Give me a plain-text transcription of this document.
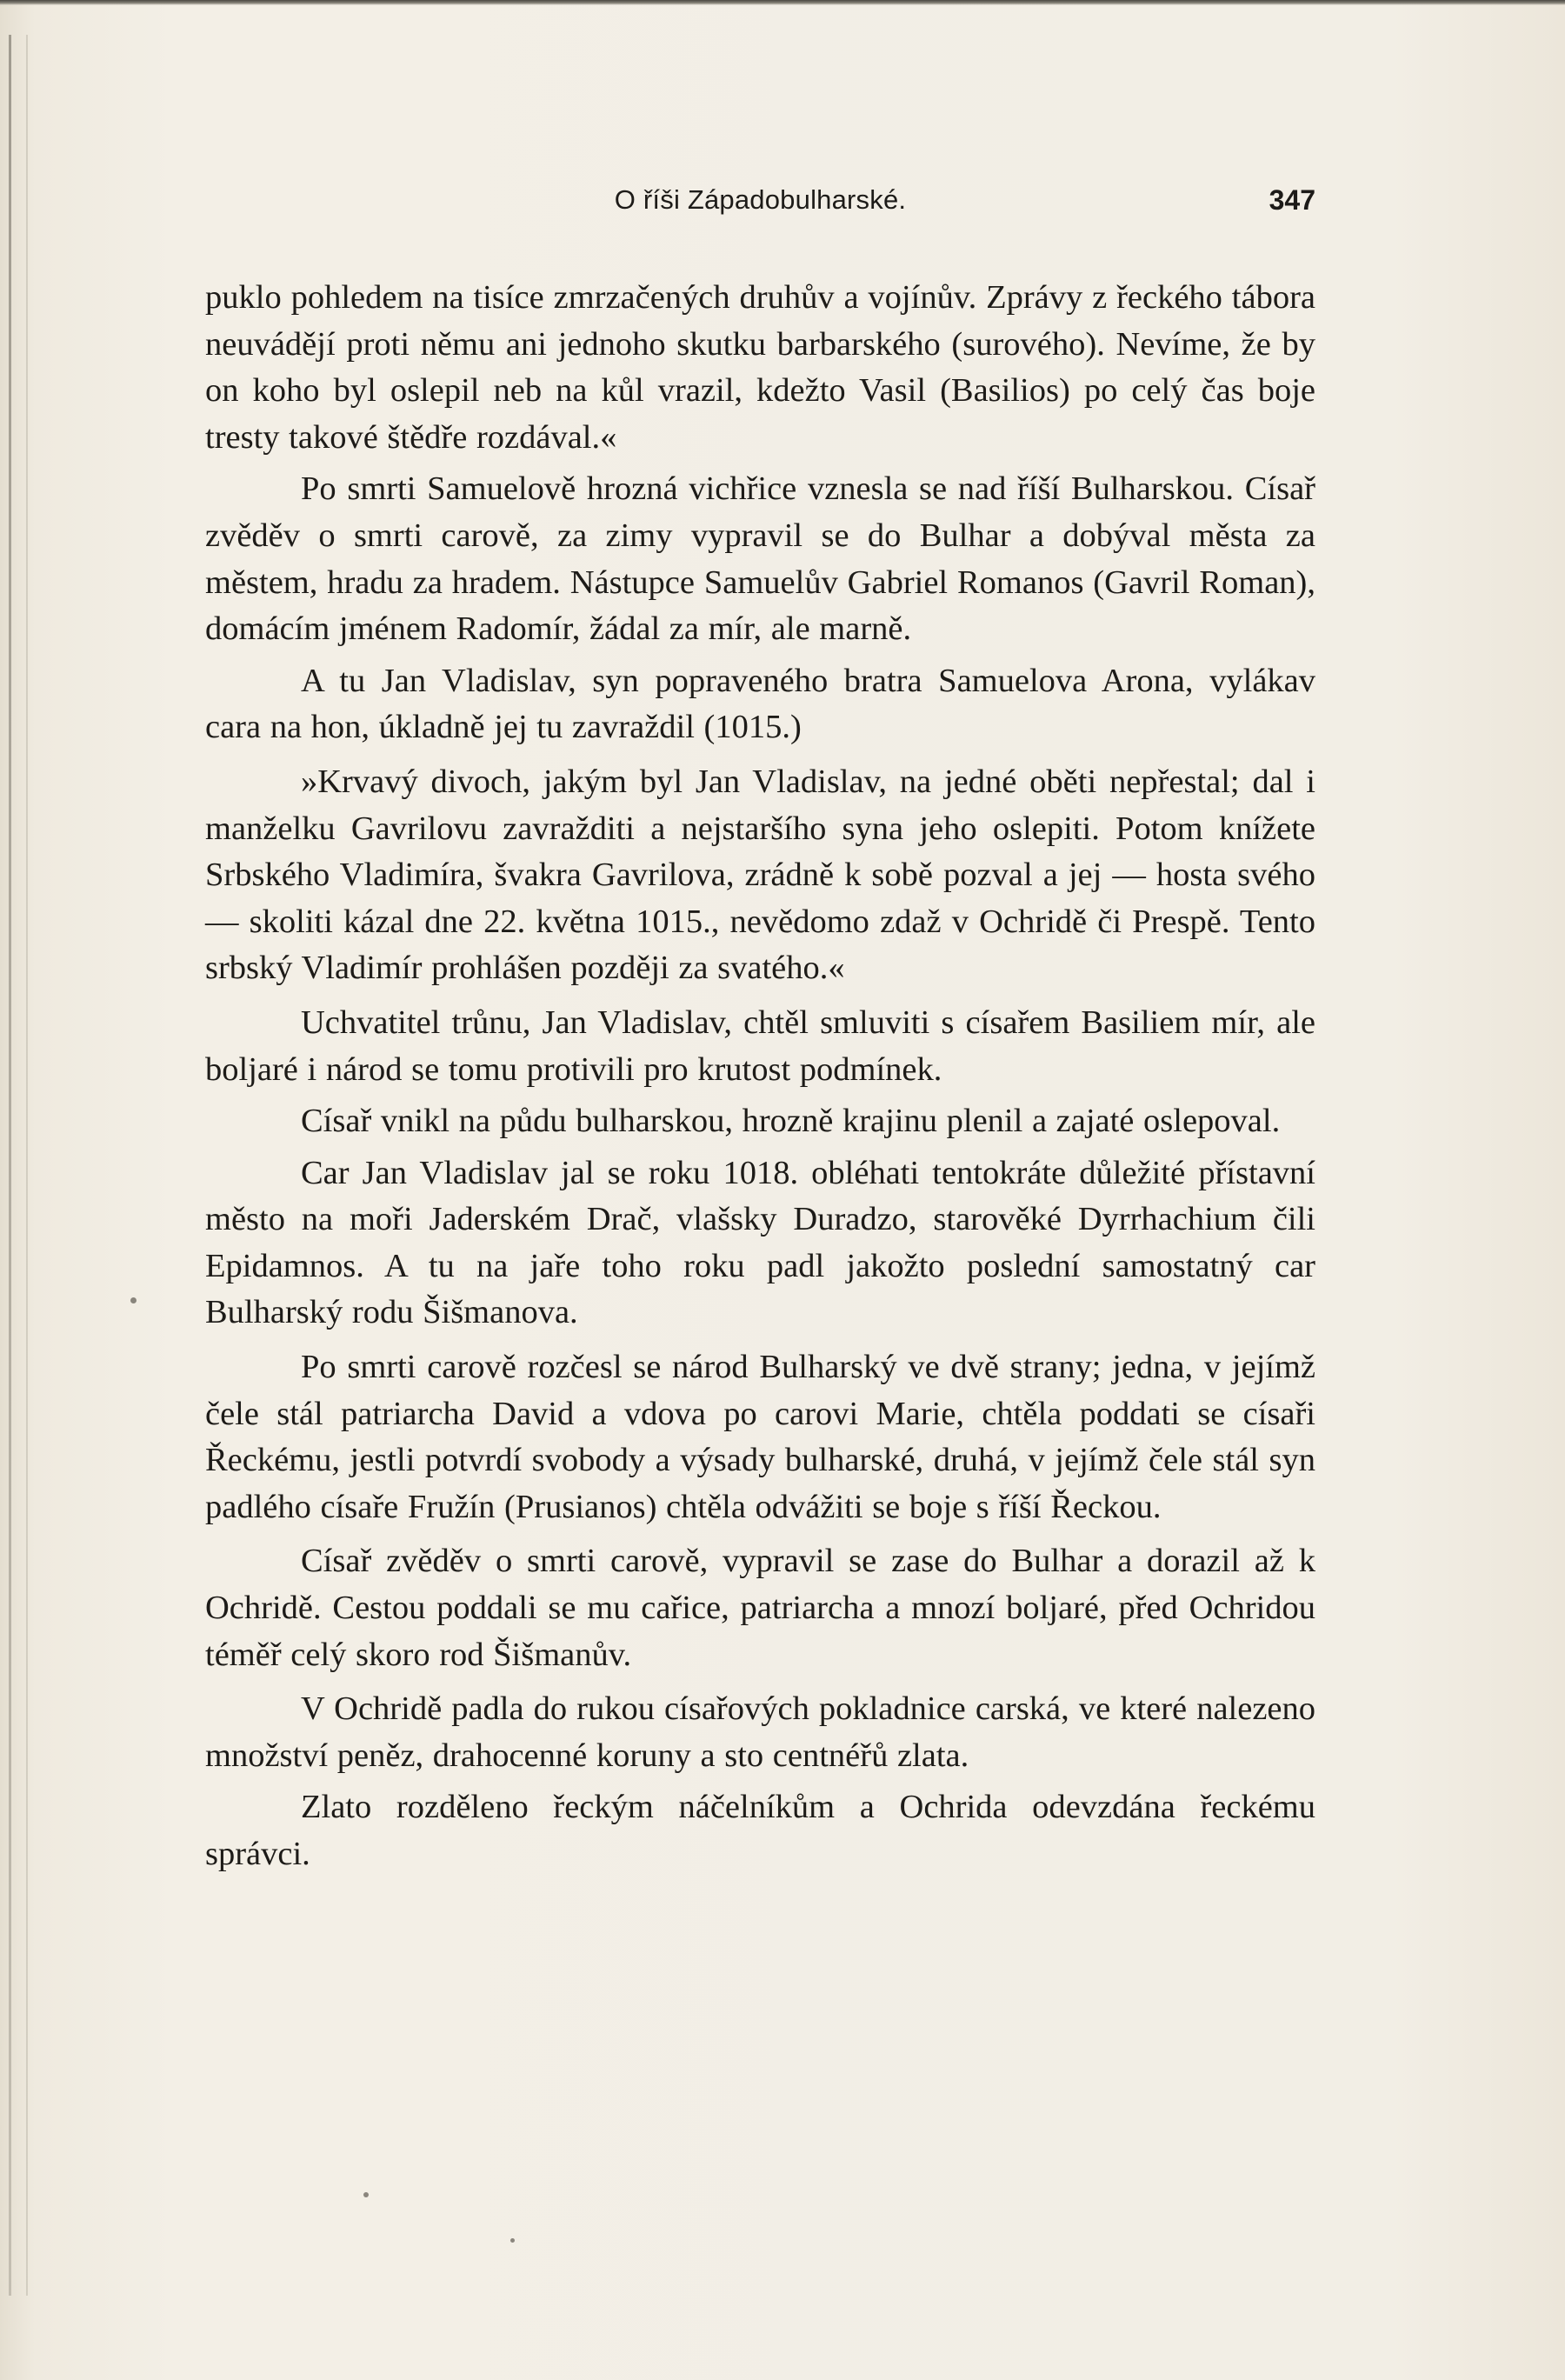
O říši Západobulharské.	347

puklo pohledem na tisíce zmrzačených druhův a vojínův. Zprávy z řeckého tábora neuvádějí proti němu ani jednoho skutku barbarského (surového). Nevíme, že by on koho byl oslepil neb na kůl vrazil, kdežto Vasil (Basilios) po celý čas boje tresty takové štědře rozdával.«

Po smrti Samuelově hrozná vichřice vznesla se nad říší Bulharskou. Císař zvěděv o smrti carově, za zimy vypravil se do Bulhar a dobýval města za městem, hradu za hradem. Nástupce Samuelův Gabriel Romanos (Gavril Roman), domácím jménem Radomír, žádal za mír, ale marně.

A tu Jan Vladislav, syn popraveného bratra Samuelova Arona, vylákav cara na hon, úkladně jej tu zavraždil (1015.)

»Krvavý divoch, jakým byl Jan Vladislav, na jedné oběti nepřestal; dal i manželku Gavrilovu zavražditi a nejstaršího syna jeho oslepiti. Potom knížete Srbského Vladimíra, švakra Gavrilova, zrádně k sobě pozval a jej — hosta svého — skoliti kázal dne 22. května 1015., nevědomo zdaž v Ochridě či Prespě. Tento srbský Vladimír prohlášen později za svatého.«

Uchvatitel trůnu, Jan Vladislav, chtěl smluviti s císařem Basiliem mír, ale boljaré i národ se tomu protivili pro krutost podmínek.

Císař vnikl na půdu bulharskou, hrozně krajinu plenil a zajaté oslepoval.

Car Jan Vladislav jal se roku 1018. obléhati tentokráte důležité přístavní město na moři Jaderském Drač, vlašsky Duradzo, starověké Dyrrhachium čili Epidamnos. A tu na jaře toho roku padl jakožto poslední samostatný car Bulharský rodu Šišmanova.

Po smrti carově rozčesl se národ Bulharský ve dvě strany; jedna, v jejímž čele stál patriarcha David a vdova po carovi Marie, chtěla poddati se císaři Řeckému, jestli potvrdí svobody a výsady bulharské, druhá, v jejímž čele stál syn padlého císaře Fružín (Prusianos) chtěla odvážiti se boje s říší Řeckou.

Císař zvěděv o smrti carově, vypravil se zase do Bulhar a dorazil až k Ochridě. Cestou poddali se mu cařice, patriarcha a mnozí boljaré, před Ochridou téměř celý skoro rod Šišmanův.

V Ochridě padla do rukou císařových pokladnice carská, ve které nalezeno množství peněz, drahocenné koruny a sto centnéřů zlata.

Zlato rozděleno řeckým náčelníkům a Ochrida odevzdána řeckému správci.
